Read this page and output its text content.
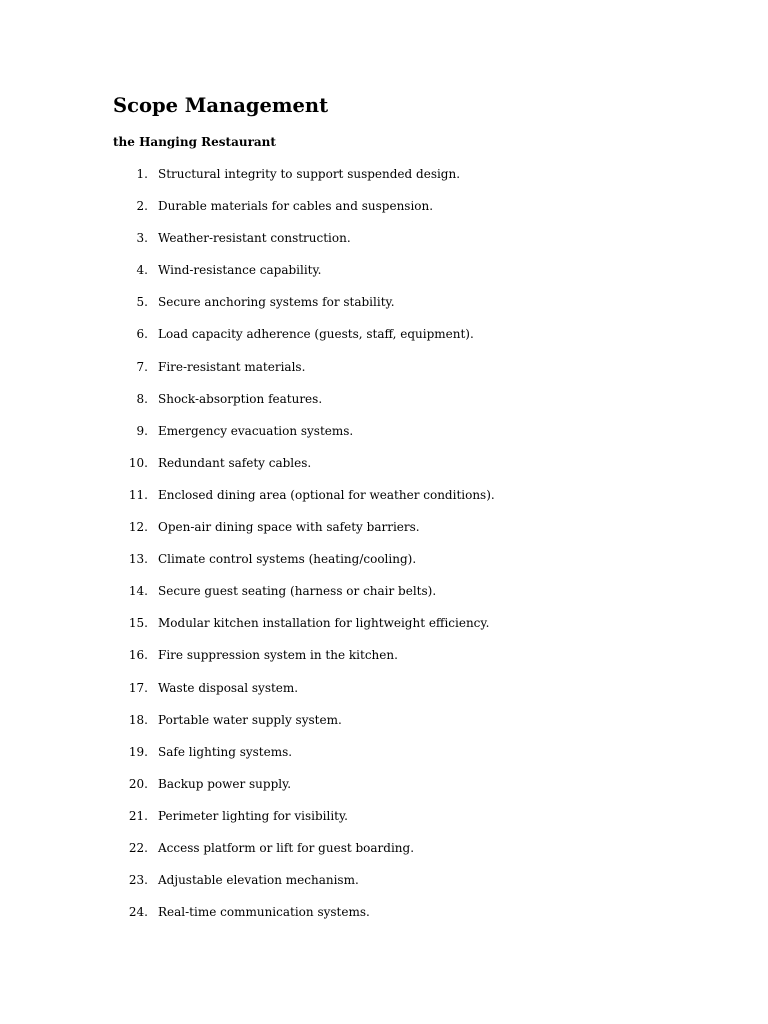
Scope Management
the Hanging Restaurant
1. Structural integrity to support suspended design.
2. Durable materials for cables and suspension.
3. Weather-resistant construction.
4. Wind-resistance capability.
5. Secure anchoring systems for stability.
6. Load capacity adherence (guests, staff, equipment).
7. Fire-resistant materials.
8. Shock-absorption features.
9. Emergency evacuation systems.
10. Redundant safety cables.
11. Enclosed dining area (optional for weather conditions).
12. Open-air dining space with safety barriers.
13. Climate control systems (heating/cooling).
14. Secure guest seating (harness or chair belts).
15. Modular kitchen installation for lightweight efficiency.
16. Fire suppression system in the kitchen.
17. Waste disposal system.
18. Portable water supply system.
19. Safe lighting systems.
20. Backup power supply.
21. Perimeter lighting for visibility.
22. Access platform or lift for guest boarding.
23. Adjustable elevation mechanism.
24. Real-time communication systems.
